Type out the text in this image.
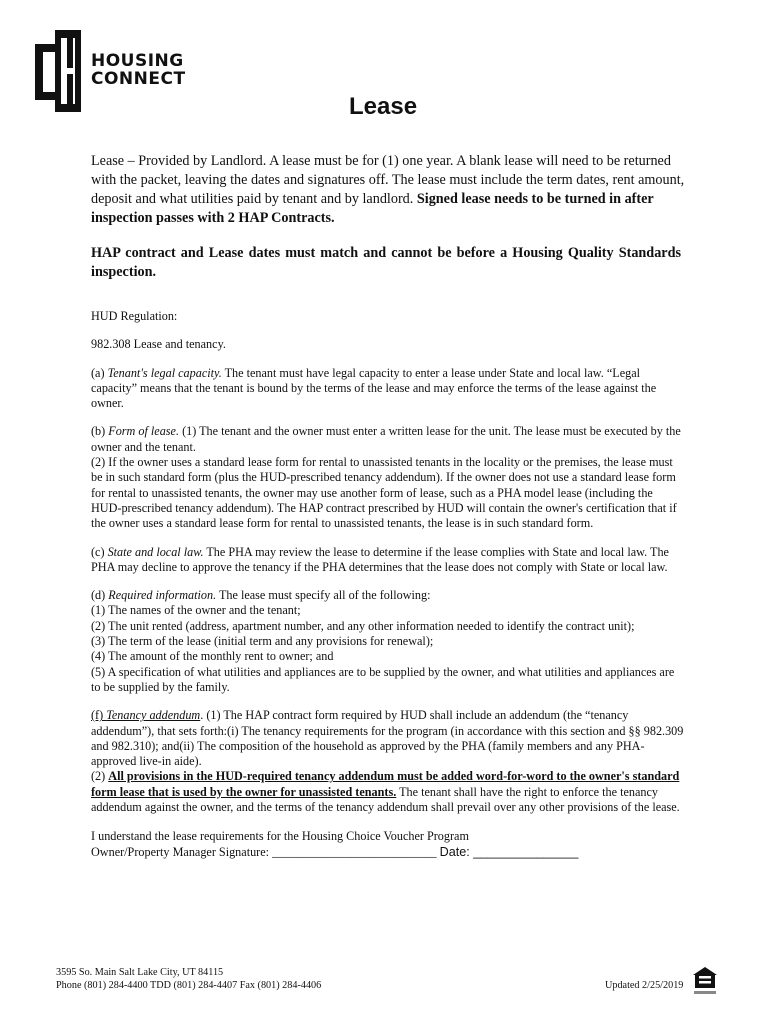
HOUSING
CONNECT
Lease

Lease – Provided by Landlord. A lease must be for (1) one year. A blank lease will need to be returned with the packet, leaving the dates and signatures off. The lease must include the term dates, rent amount, deposit and what utilities paid by tenant and by landlord. Signed lease needs to be turned in after inspection passes with 2 HAP Contracts.

HAP contract and Lease dates must match and cannot be before a Housing Quality Standards inspection.

HUD Regulation:

982.308 Lease and tenancy.

(a) Tenant's legal capacity. The tenant must have legal capacity to enter a lease under State and local law. “Legal capacity” means that the tenant is bound by the terms of the lease and may enforce the terms of the lease against the owner.

(b) Form of lease. (1) The tenant and the owner must enter a written lease for the unit. The lease must be executed by the owner and the tenant.

(2) If the owner uses a standard lease form for rental to unassisted tenants in the locality or the premises, the lease must be in such standard form (plus the HUD-prescribed tenancy addendum). If the owner does not use a standard lease form for rental to unassisted tenants, the owner may use another form of lease, such as a PHA model lease (including the HUD-prescribed tenancy addendum). The HAP contract prescribed by HUD will contain the owner's certification that if the owner uses a standard lease form for rental to unassisted tenants, the lease is in such standard form.

(c) State and local law. The PHA may review the lease to determine if the lease complies with State and local law. The PHA may decline to approve the tenancy if the PHA determines that the lease does not comply with State or local law.

(d) Required information. The lease must specify all of the following:

(1) The names of the owner and the tenant;

(2) The unit rented (address, apartment number, and any other information needed to identify the contract unit);

(3) The term of the lease (initial term and any provisions for renewal);

(4) The amount of the monthly rent to owner; and

(5) A specification of what utilities and appliances are to be supplied by the owner, and what utilities and appliances are to be supplied by the family.

(f) Tenancy addendum. (1) The HAP contract form required by HUD shall include an addendum (the “tenancy addendum”), that sets forth:(i) The tenancy requirements for the program (in accordance with this section and §§ 982.309 and 982.310); and(ii) The composition of the household as approved by the PHA (family members and any PHA-approved live-in aide).

(2) All provisions in the HUD-required tenancy addendum must be added word-for-word to the owner's standard form lease that is used by the owner for unassisted tenants. The tenant shall have the right to enforce the tenancy addendum against the owner, and the terms of the tenancy addendum shall prevail over any other provisions of the lease.

I understand the lease requirements for the Housing Choice Voucher Program

Owner/Property Manager Signature: ___________________________ Date: _______________

3595 So. Main Salt Lake City, UT 84115
Phone (801) 284-4400 TDD (801) 284-4407 Fax (801) 284-4406	Updated 2/25/2019
